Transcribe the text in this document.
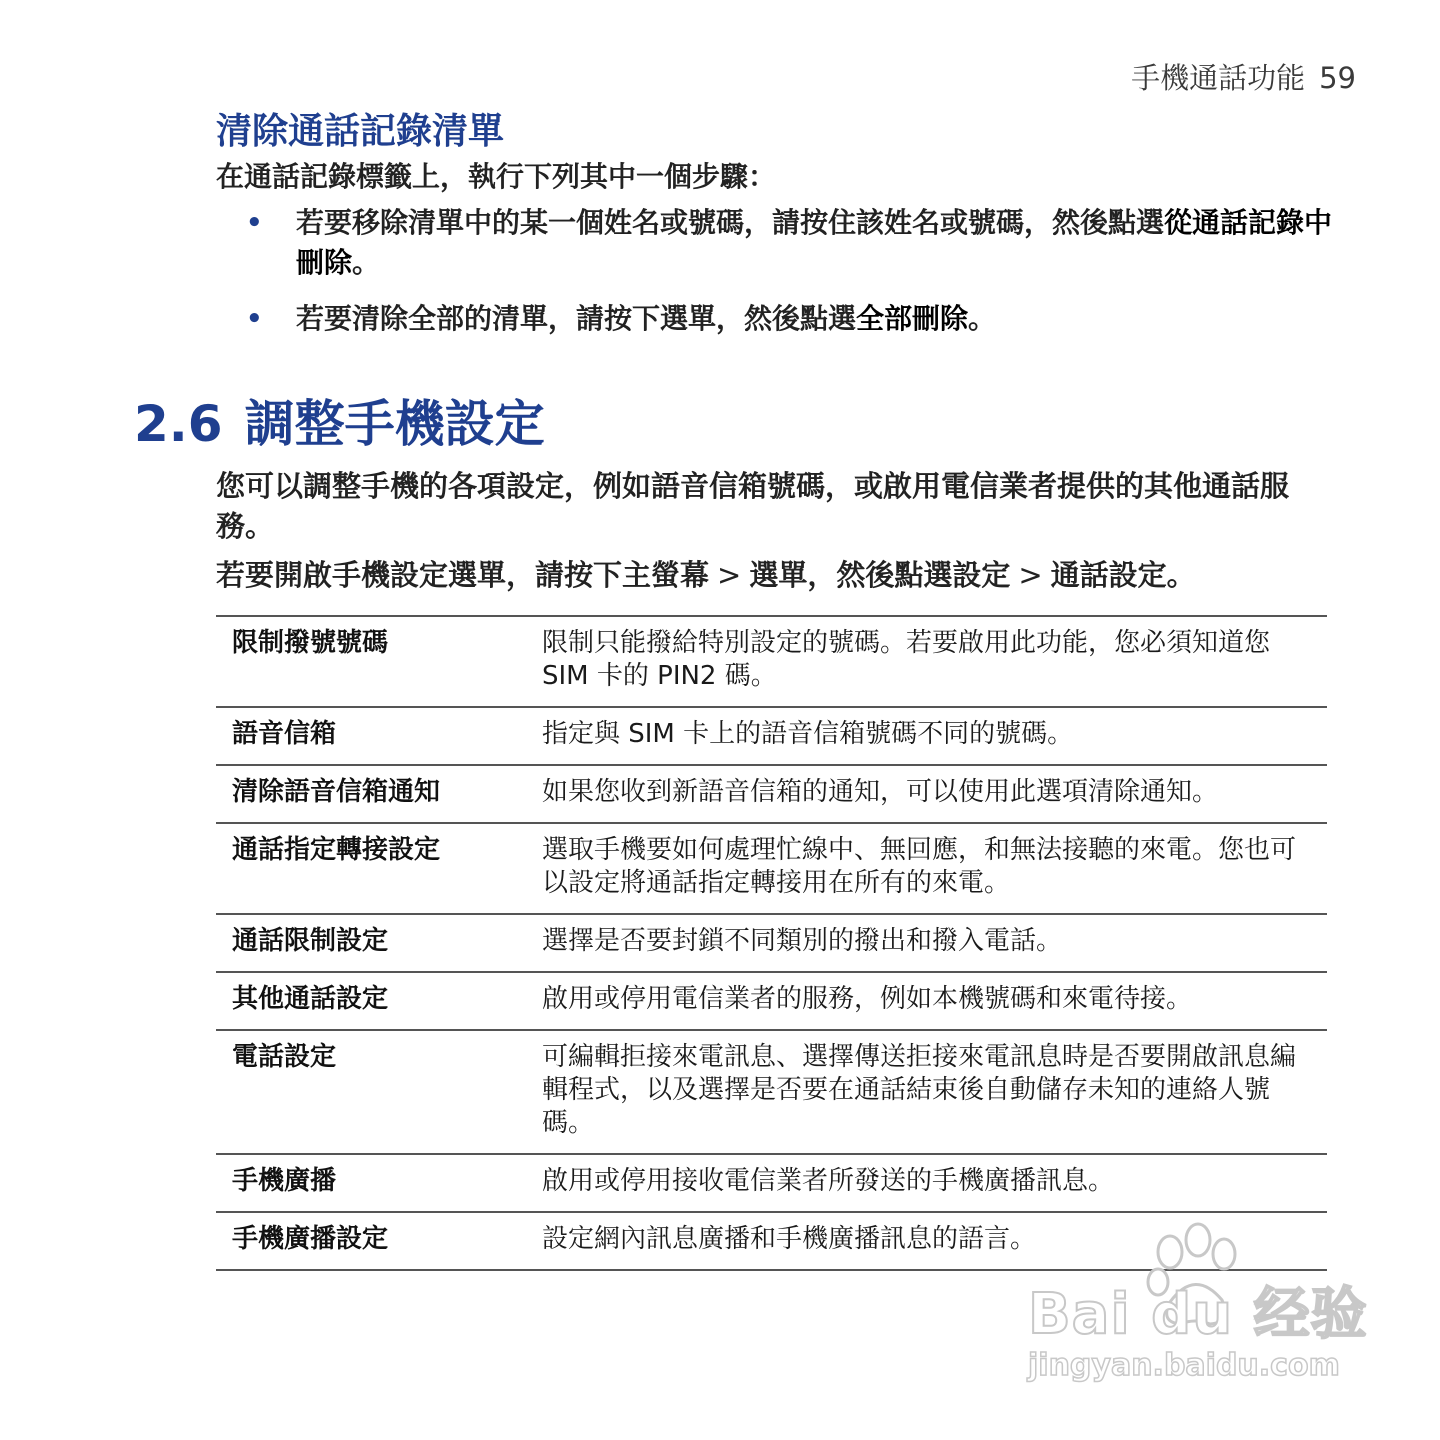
手機通話功能 59
清除通話記錄清單

在通話記錄標籤上，執行下列其中一個步驟：

• 若要移除清單中的某一個姓名或號碼，請按住該姓名或號碼，然後點選從通話記錄中刪除。
• 若要清除全部的清單，請按下選單，然後點選全部刪除。
2.6 調整手機設定

您可以調整手機的各項設定，例如語音信箱號碼，或啟用電信業者提供的其他通話服務。

若要開啟手機設定選單，請按下主螢幕 > 選單，然後點選設定 > 通話設定。

限制撥號號碼	限制只能撥給特別設定的號碼。若要啟用此功能，您必須知道您 SIM 卡的 PIN2 碼。
語音信箱	指定與 SIM 卡上的語音信箱號碼不同的號碼。
清除語音信箱通知	如果您收到新語音信箱的通知，可以使用此選項清除通知。
通話指定轉接設定	選取手機要如何處理忙線中、無回應，和無法接聽的來電。您也可以設定將通話指定轉接用在所有的來電。
通話限制設定	選擇是否要封鎖不同類別的撥出和撥入電話。
其他通話設定	啟用或停用電信業者的服務，例如本機號碼和來電待接。
電話設定	可編輯拒接來電訊息、選擇傳送拒接來電訊息時是否要開啟訊息編輯程式，以及選擇是否要在通話結束後自動儲存未知的連絡人號碼。
手機廣播	啟用或停用接收電信業者所發送的手機廣播訊息。
手機廣播設定	設定網內訊息廣播和手機廣播訊息的語言。
Bai du 经验
jingyan.baidu.com
